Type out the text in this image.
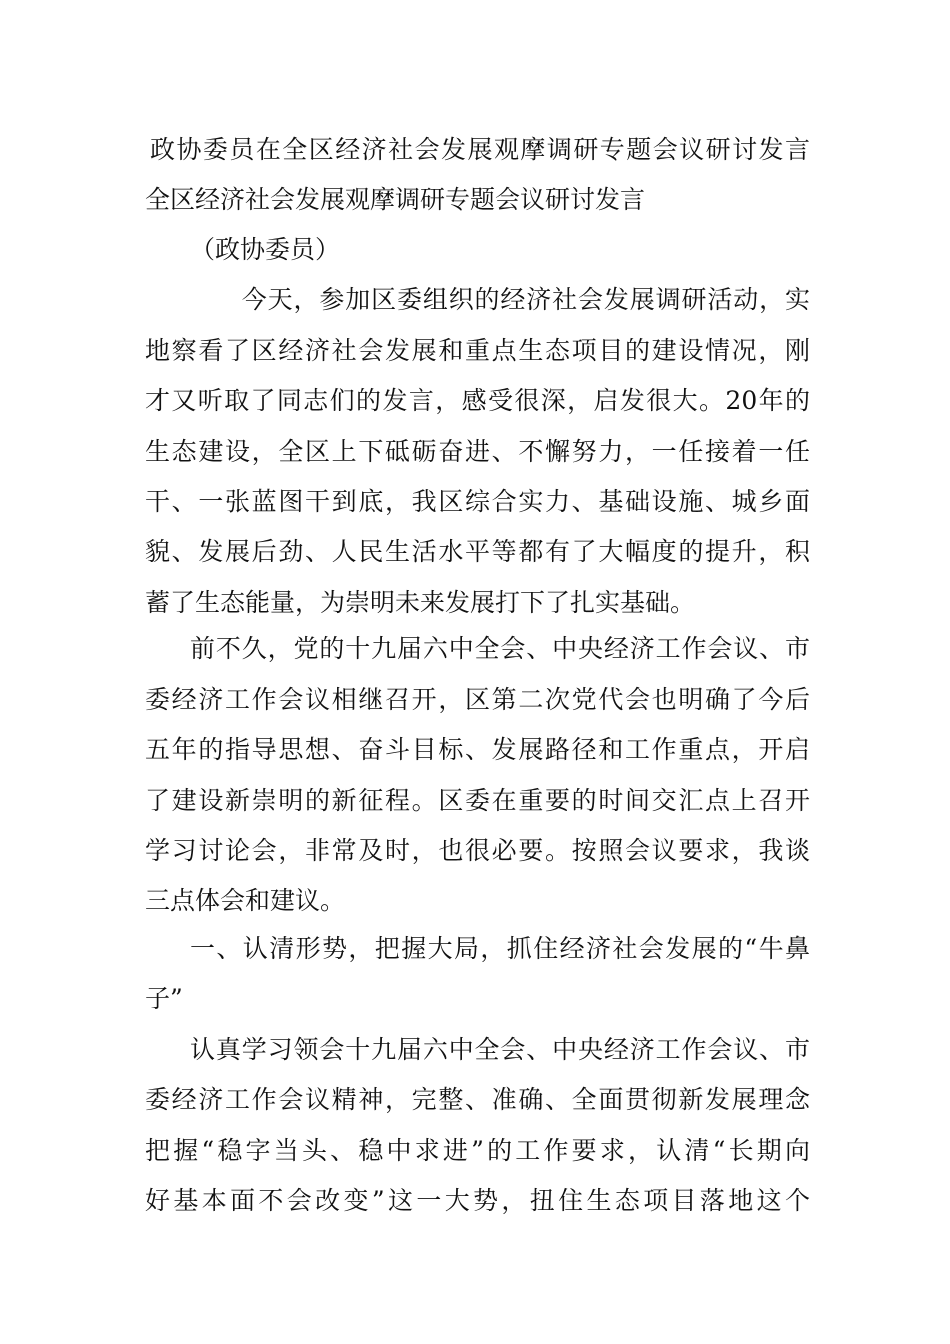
政协委员在全区经济社会发展观摩调研专题会议研讨发言
全区经济社会发展观摩调研专题会议研讨发言
（政协委员）
　　今天，参加区委组织的经济社会发展调研活动，实
地察看了区经济社会发展和重点生态项目的建设情况，刚
才又听取了同志们的发言，感受很深，启发很大。20年的
生态建设，全区上下砥砺奋进、不懈努力，一任接着一任
干、一张蓝图干到底，我区综合实力、基础设施、城乡面
貌、发展后劲、人民生活水平等都有了大幅度的提升，积
蓄了生态能量，为崇明未来发展打下了扎实基础。
前不久，党的十九届六中全会、中央经济工作会议、市
委经济工作会议相继召开，区第二次党代会也明确了今后
五年的指导思想、奋斗目标、发展路径和工作重点，开启
了建设新崇明的新征程。区委在重要的时间交汇点上召开
学习讨论会，非常及时，也很必要。按照会议要求，我谈
三点体会和建议。
一、认清形势，把握大局，抓住经济社会发展的“牛鼻
子”
认真学习领会十九届六中全会、中央经济工作会议、市
委经济工作会议精神，完整、准确、全面贯彻新发展理念
把握“稳字当头、稳中求进”的工作要求，认清“长期向
好基本面不会改变”这一大势，扭住生态项目落地这个
